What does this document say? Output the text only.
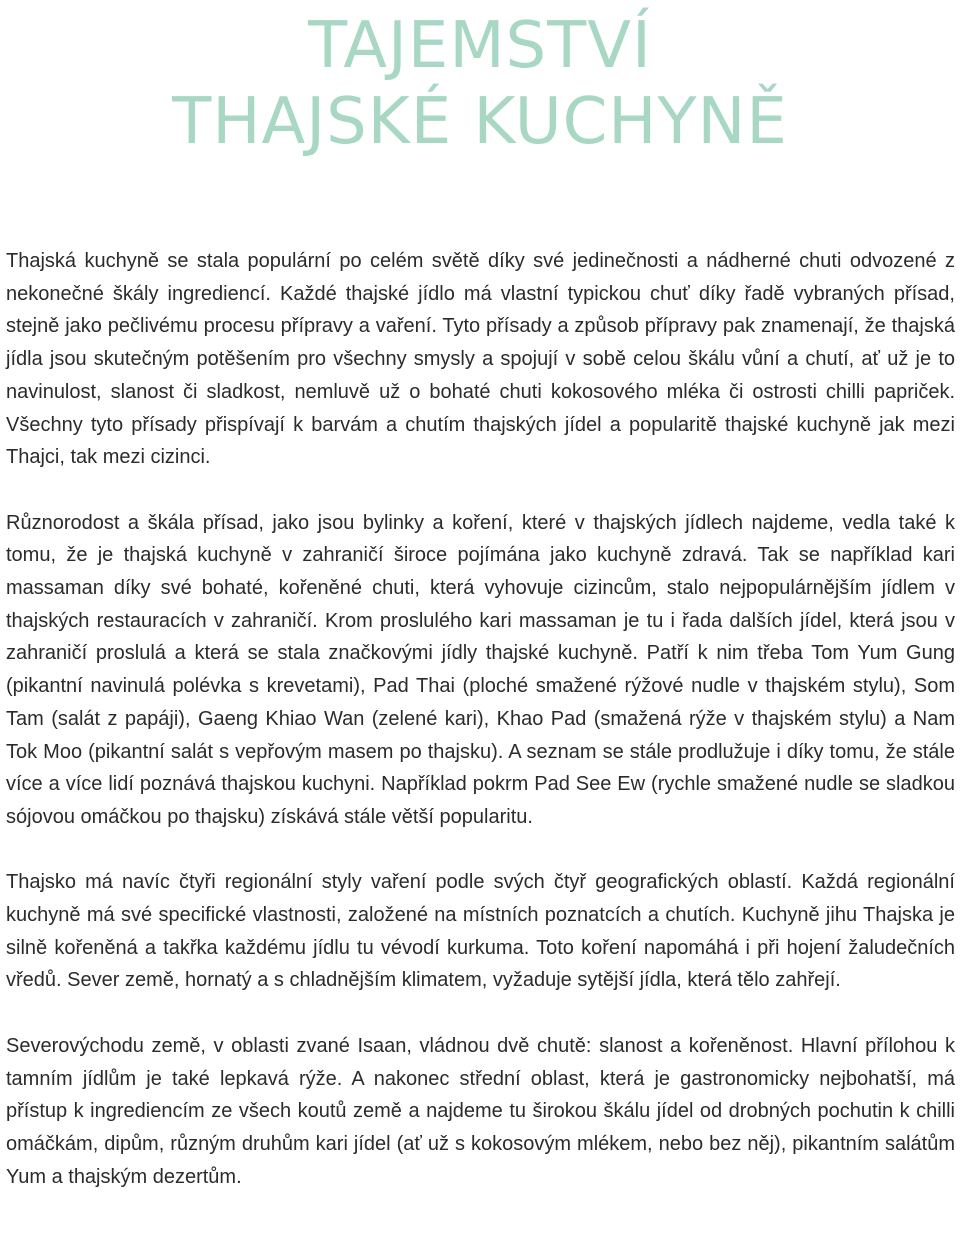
TAJEMSTVÍ
THAJSKÉ KUCHYNĚ

Thajská kuchyně se stala populární po celém světě díky své jedinečnosti a nádherné chuti odvozené z nekonečné škály ingrediencí. Každé thajské jídlo má vlastní typickou chuť díky řadě vybraných přísad, stejně jako pečlivému procesu přípravy a vaření. Tyto přísady a způsob přípravy pak znamenají, že thajská jídla jsou skutečným potěšením pro všechny smysly a spojují v sobě celou škálu vůní a chutí, ať už je to navinulost, slanost či sladkost, nemluvě už o bohaté chuti kokosového mléka či ostrosti chilli papriček. Všechny tyto přísady přispívají k barvám a chutím thajských jídel a popularitě thajské kuchyně jak mezi Thajci, tak mezi cizinci.

Různorodost a škála přísad, jako jsou bylinky a koření, které v thajských jídlech najdeme, vedla také k tomu, že je thajská kuchyně v zahraničí široce pojímána jako kuchyně zdravá. Tak se například kari massaman díky své bohaté, kořeněné chuti, která vyhovuje cizincům, stalo nejpopulárnějším jídlem v thajských restauracích v zahraničí. Krom proslulého kari massaman je tu i řada dalších jídel, která jsou v zahraničí proslulá a která se stala značkovými jídly thajské kuchyně. Patří k nim třeba Tom Yum Gung (pikantní navinulá polévka s krevetami), Pad Thai (ploché smažené rýžové nudle v thajském stylu), Som Tam (salát z papáji), Gaeng Khiao Wan (zelené kari), Khao Pad (smažená rýže v thajském stylu) a Nam Tok Moo (pikantní salát s vepřovým masem po thajsku). A seznam se stále prodlužuje i díky tomu, že stále více a více lidí poznává thajskou kuchyni. Například pokrm Pad See Ew (rychle smažené nudle se sladkou sójovou omáčkou po thajsku) získává stále větší popularitu.

Thajsko má navíc čtyři regionální styly vaření podle svých čtyř geografických oblastí. Každá regionální kuchyně má své specifické vlastnosti, založené na místních poznatcích a chutích. Kuchyně jihu Thajska je silně kořeněná a takřka každému jídlu tu vévodí kurkuma. Toto koření napomáhá i při hojení žaludečních vředů. Sever země, hornatý a s chladnějším klimatem, vyžaduje sytější jídla, která tělo zahřejí.

Severovýchodu země, v oblasti zvané Isaan, vládnou dvě chutě: slanost a kořeněnost. Hlavní přílohou k tamním jídlům je také lepkavá rýže. A nakonec střední oblast, která je gastronomicky nejbohatší, má přístup k ingrediencím ze všech koutů země a najdeme tu širokou škálu jídel od drobných pochutin k chilli omáčkám, dipům, různým druhům kari jídel (ať už s kokosovým mlékem, nebo bez něj), pikantním salátům Yum a thajským dezertům.
